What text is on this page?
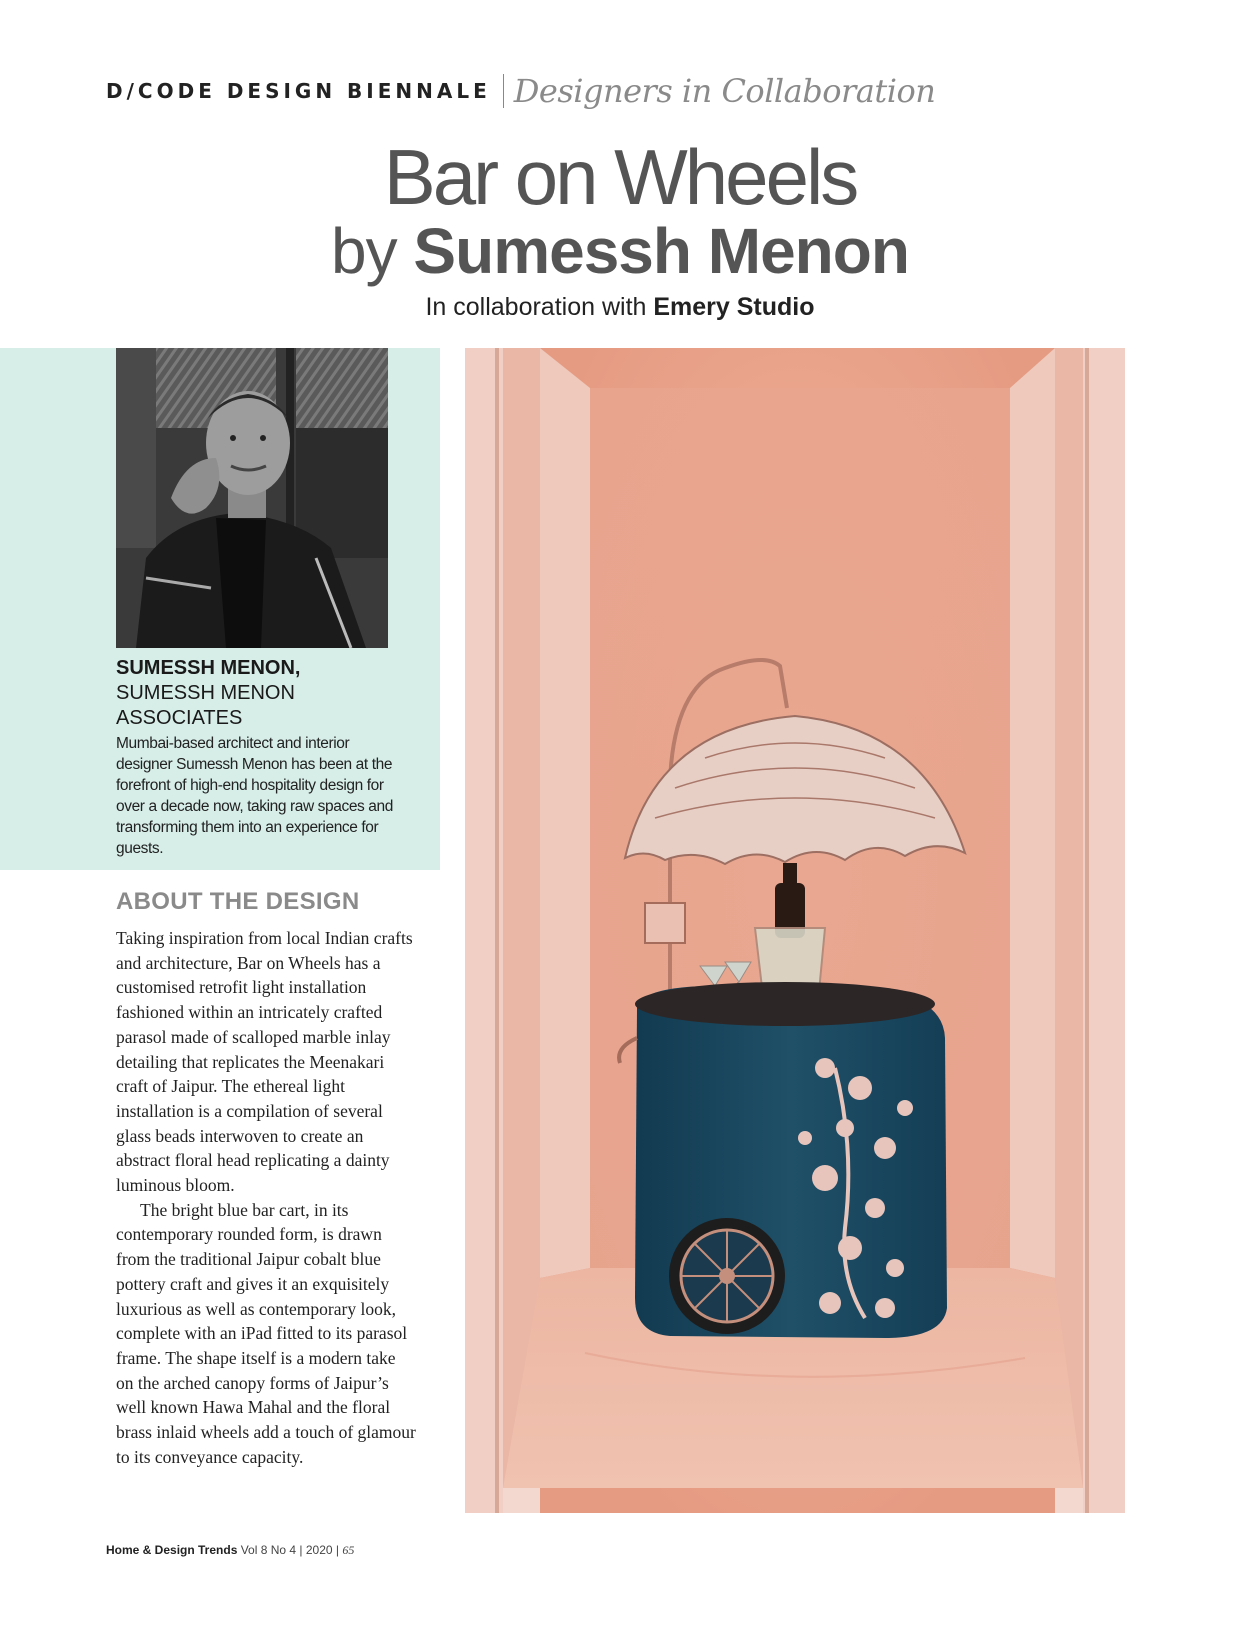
D/CODE DESIGN BIENNALE Designers in Collaboration
Bar on Wheels
by Sumessh Menon
In collaboration with Emery Studio
SUMESSH MENON,
SUMESSH MENON
ASSOCIATES
Mumbai-based architect and interior designer Sumessh Menon has been at the forefront of high-end hospitality design for over a decade now, taking raw spaces and transforming them into an experience for guests.
ABOUT THE DESIGN

Taking inspiration from local Indian crafts and architecture, Bar on Wheels has a customised retrofit light installation fashioned within an intricately crafted parasol made of scalloped marble inlay detailing that replicates the Meenakari craft of Jaipur. The ethereal light installation is a compilation of several glass beads interwoven to create an abstract floral head replicating a dainty luminous bloom.

The bright blue bar cart, in its contemporary rounded form, is drawn from the traditional Jaipur cobalt blue pottery craft and gives it an exquisitely luxurious as well as contemporary look, complete with an iPad fitted to its parasol frame. The shape itself is a modern take on the arched canopy forms of Jaipur’s well known Hawa Mahal and the floral brass inlaid wheels add a touch of glamour to its conveyance capacity.

Home & Design Trends Vol 8 No 4 | 2020 | 65
